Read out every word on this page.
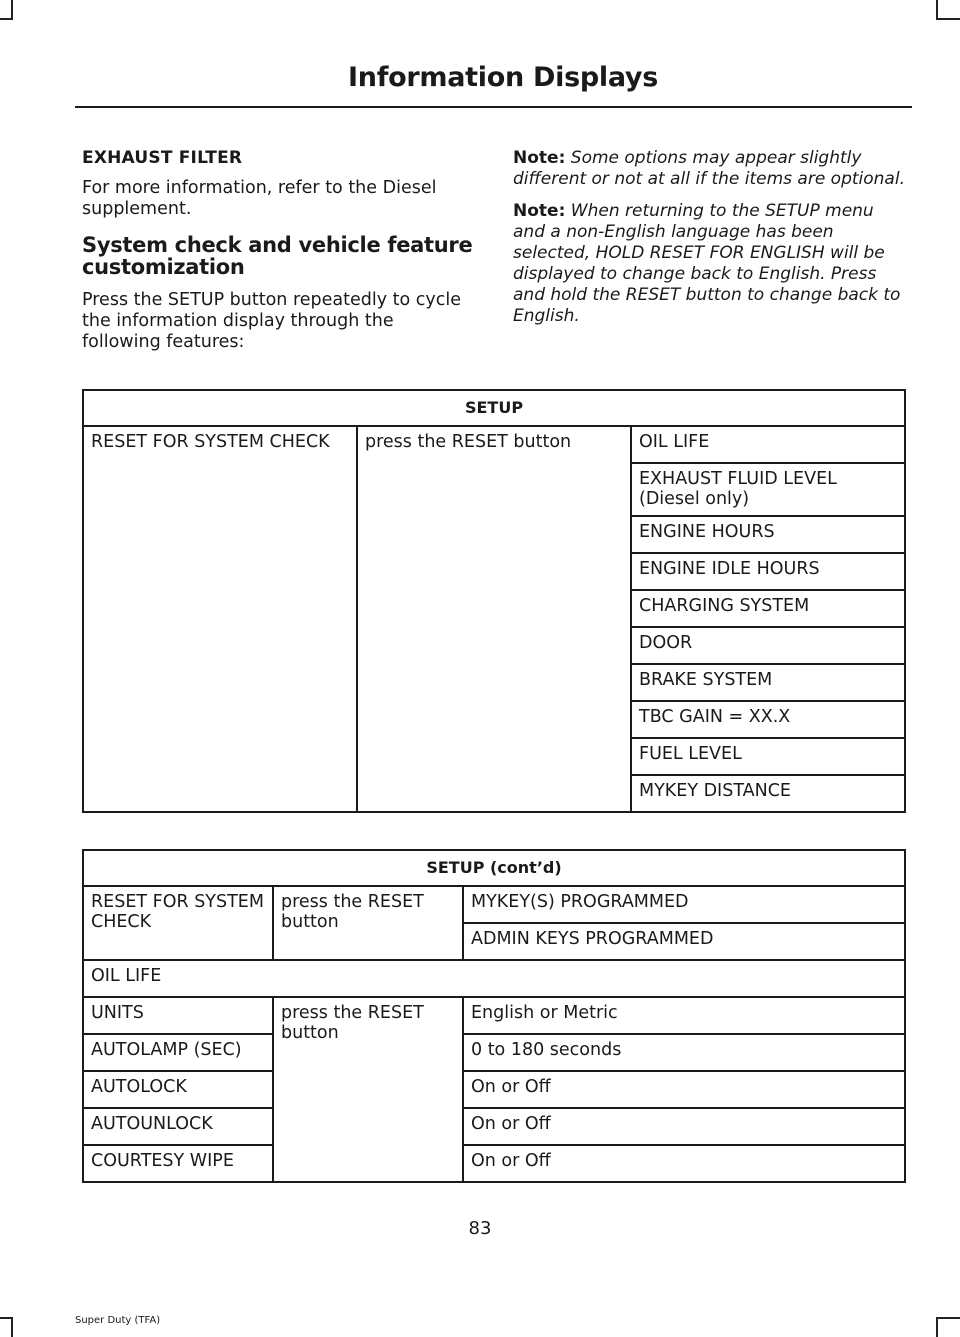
Information Displays
EXHAUST FILTER

For more information, refer to the Diesel supplement.

System check and vehicle feature customization

Press the SETUP button repeatedly to cycle the information display through the following features:

Note: Some options may appear slightly different or not at all if the items are optional.

Note: When returning to the SETUP menu and a non-English language has been selected, HOLD RESET FOR ENGLISH will be displayed to change back to English. Press and hold the RESET button to change back to English.

SETUP
RESET FOR SYSTEM CHECK	press the RESET button	OIL LIFE
EXHAUST FLUID LEVEL (Diesel only)
ENGINE HOURS
ENGINE IDLE HOURS
CHARGING SYSTEM
DOOR
BRAKE SYSTEM
TBC GAIN = XX.X
FUEL LEVEL
MYKEY DISTANCE
SETUP (cont’d)		
RESET FOR SYSTEM CHECK	press the RESET button	MYKEY(S) PROGRAMMED
		ADMIN KEYS PROGRAMMED
OIL LIFE		
UNITS	press the RESET button	English or Metric
AUTOLAMP (SEC)		0 to 180 seconds
AUTOLOCK		On or Off
AUTOUNLOCK		On or Off
COURTESY WIPE		On or Off
83
Super Duty (TFA)
